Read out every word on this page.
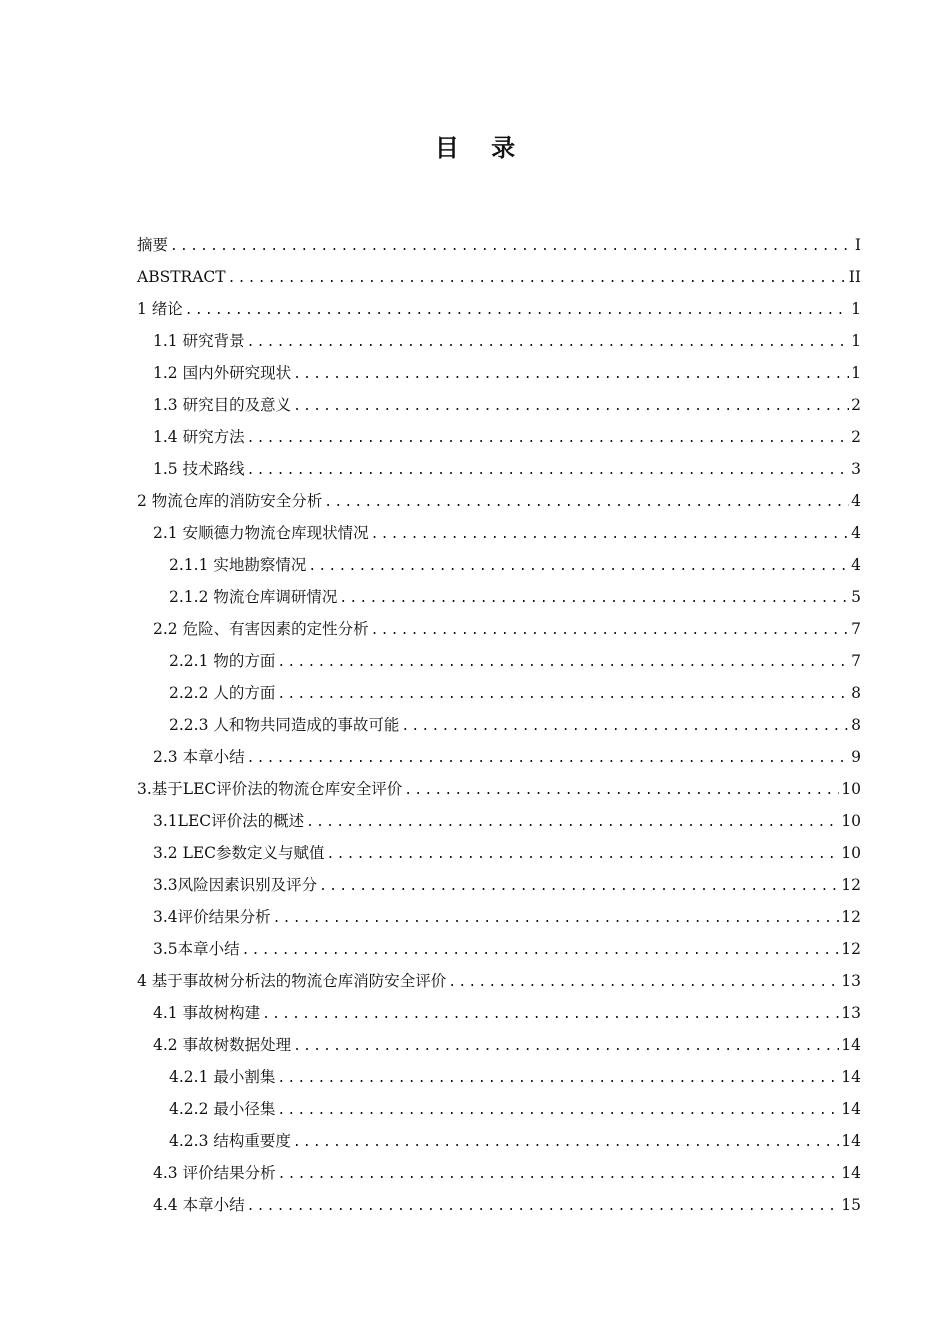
目 录
摘要 .....	I
ABSTRACT .....	II
1 绪论 .....	1
1.1 研究背景 .....	1
1.2 国内外研究现状 .....	1
1.3 研究目的及意义 .....	2
1.4 研究方法 .....	2
1.5 技术路线 .....	3
2 物流仓库的消防安全分析 .....	4
2.1 安顺德力物流仓库现状情况 .....	4
2.1.1 实地勘察情况 .....	4
2.1.2 物流仓库调研情况 .....	5
2.2 危险、有害因素的定性分析 .....	7
2.2.1 物的方面 .....	7
2.2.2 人的方面 .....	8
2.2.3 人和物共同造成的事故可能 .....	8
2.3 本章小结 .....	9
3.基于LEC评价法的物流仓库安全评价 .....	10
3.1LEC评价法的概述 .....	10
3.2 LEC参数定义与赋值 .....	10
3.3风险因素识别及评分 .....	12
3.4评价结果分析 .....	12
3.5本章小结 .....	12
4 基于事故树分析法的物流仓库消防安全评价 .....	13
4.1 事故树构建 .....	13
4.2 事故树数据处理 .....	14
4.2.1 最小割集 .....	14
4.2.2 最小径集 .....	14
4.2.3 结构重要度 .....	14
4.3 评价结果分析 .....	14
4.4 本章小结 .....	15
